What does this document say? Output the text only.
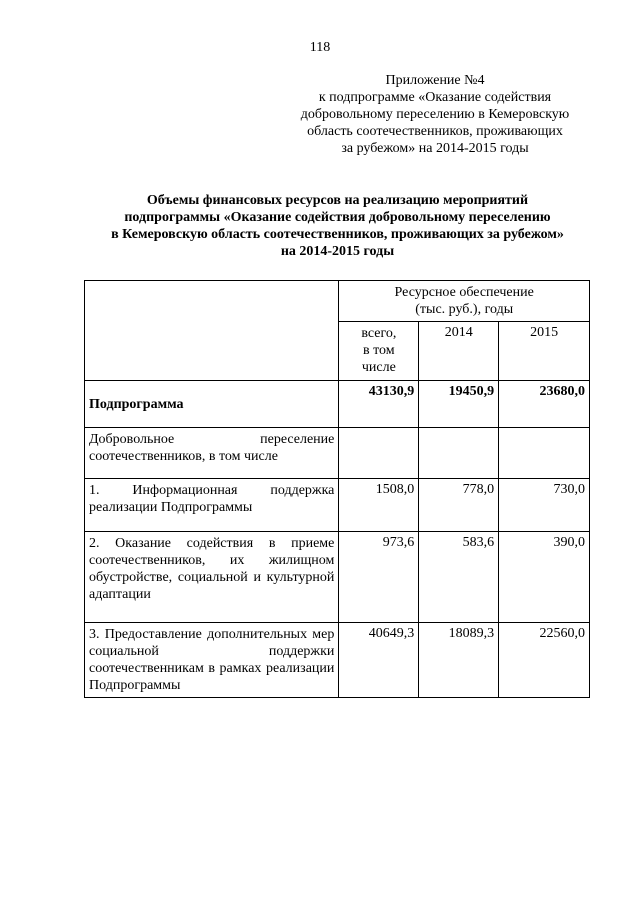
118
Приложение №4
к подпрограмме «Оказание содействия
добровольному переселению в Кемеровскую
область соотечественников, проживающих
за рубежом» на 2014-2015 годы
Объемы финансовых ресурсов на реализацию мероприятий
подпрограммы «Оказание содействия добровольному переселению
в Кемеровскую область соотечественников, проживающих за рубежом»
на 2014-2015 годы

	Ресурсное обеспечение
(тыс. руб.), годы		

	всего,
в том
числе	2014	2015
Подпрограмма	43130,9	19450,9	23680,0
Добровольное переселение соотечественников, в том числе			
1. Информационная поддержка реализации Подпрограммы	1508,0	778,0	730,0
2. Оказание содействия в приеме соотечественников, их жилищном обустройстве, социальной и культурной адаптации	973,6	583,6	390,0
3. Предоставление дополнительных мер социальной поддержки соотечественникам в рамках реализации Подпрограммы	40649,3	18089,3	22560,0
